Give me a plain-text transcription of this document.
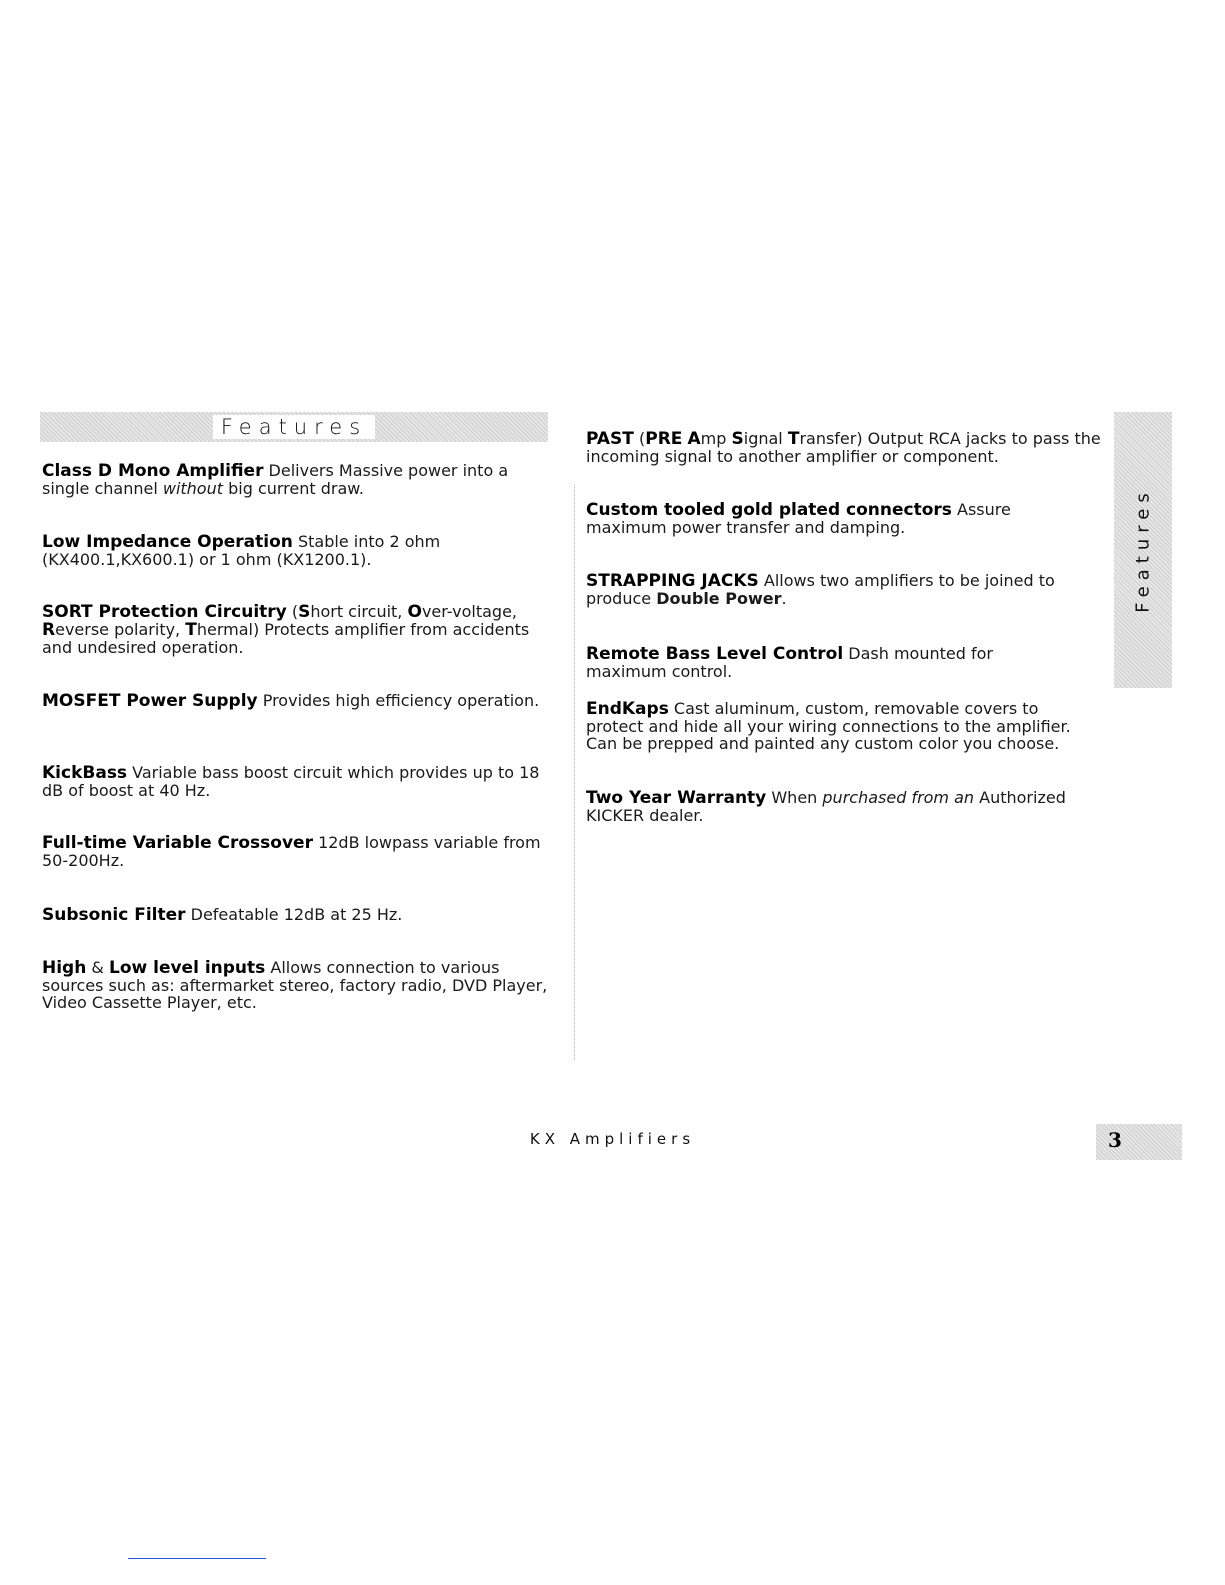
Features
Features
Class D Mono Amplifier Delivers Massive power into a single channel without big current draw.
Low Impedance Operation Stable into 2 ohm (KX400.1,KX600.1) or 1 ohm (KX1200.1).
SORT Protection Circuitry (Short circuit, Over-voltage, Reverse polarity, Thermal) Protects amplifier from accidents and undesired operation.
MOSFET Power Supply Provides high efficiency operation.
KickBass Variable bass boost circuit which provides up to 18 dB of boost at 40 Hz.
Full-time Variable Crossover 12dB lowpass variable from 50-200Hz.
Subsonic Filter Defeatable 12dB at 25 Hz.
High & Low level inputs Allows connection to various sources such as: aftermarket stereo, factory radio, DVD Player, Video Cassette Player, etc.
PAST (PRE Amp Signal Transfer) Output RCA jacks to pass the incoming signal to another amplifier or component.
Custom tooled gold plated connectors Assure maximum power transfer and damping.
STRAPPING JACKS Allows two amplifiers to be joined to produce Double Power.
Remote Bass Level Control Dash mounted for maximum control.
EndKaps Cast aluminum, custom, removable covers to protect and hide all your wiring connections to the amplifier. Can be prepped and painted any custom color you choose.
Two Year Warranty When purchased from an Authorized KICKER dealer.
KX Amplifiers	3
